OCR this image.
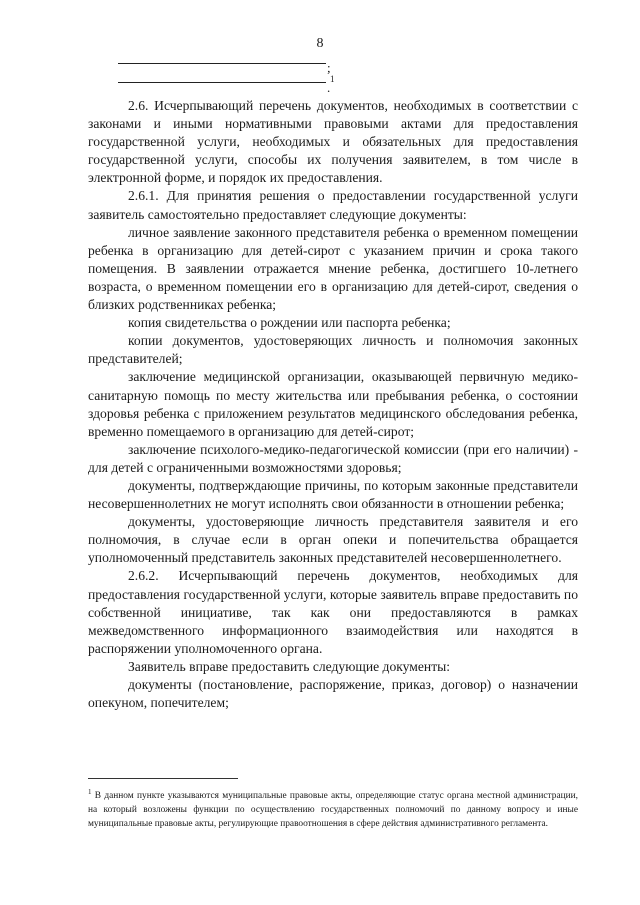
8
;
1
.

2.6. Исчерпывающий перечень документов, необходимых в соответствии с законами и иными нормативными правовыми актами для предоставления государственной услуги, необходимых и обязательных для предоставления государственной услуги, способы их получения заявителем, в том числе в электронной форме, и порядок их предоставления.

2.6.1. Для принятия решения о предоставлении государственной услуги заявитель самостоятельно предоставляет следующие документы:

личное заявление законного представителя ребенка о временном помещении ребенка в организацию для детей-сирот с указанием причин и срока такого помещения. В заявлении отражается мнение ребенка, достигшего 10-летнего возраста, о временном помещении его в организацию для детей-сирот, сведения о близких родственниках ребенка;

копия свидетельства о рождении или паспорта ребенка;

копии документов, удостоверяющих личность и полномочия законных представителей;

заключение медицинской организации, оказывающей первичную медико-санитарную помощь по месту жительства или пребывания ребенка, о состоянии здоровья ребенка с приложением результатов медицинского обследования ребенка, временно помещаемого в организацию для детей-сирот;

заключение психолого-медико-педагогической комиссии (при его наличии) - для детей с ограниченными возможностями здоровья;

документы, подтверждающие причины, по которым законные представители несовершеннолетних не могут исполнять свои обязанности в отношении ребенка;

документы, удостоверяющие личность представителя заявителя и его полномочия, в случае если в орган опеки и попечительства обращается уполномоченный представитель законных представителей несовершеннолетнего.

2.6.2. Исчерпывающий перечень документов, необходимых для предоставления государственной услуги, которые заявитель вправе предоставить по собственной инициативе, так как они предоставляются в рамках межведомственного информационного взаимодействия или находятся в распоряжении уполномоченного органа.

Заявитель вправе предоставить следующие документы:

документы (постановление, распоряжение, приказ, договор) о назначении опекуном, попечителем;

$^1$ В данном пункте указываются муниципальные правовые акты, определяющие статус органа местной администрации, на который возложены функции по осуществлению государственных полномочий по данному вопросу и иные муниципальные правовые акты, регулирующие правоотношения в сфере действия административного регламента.
